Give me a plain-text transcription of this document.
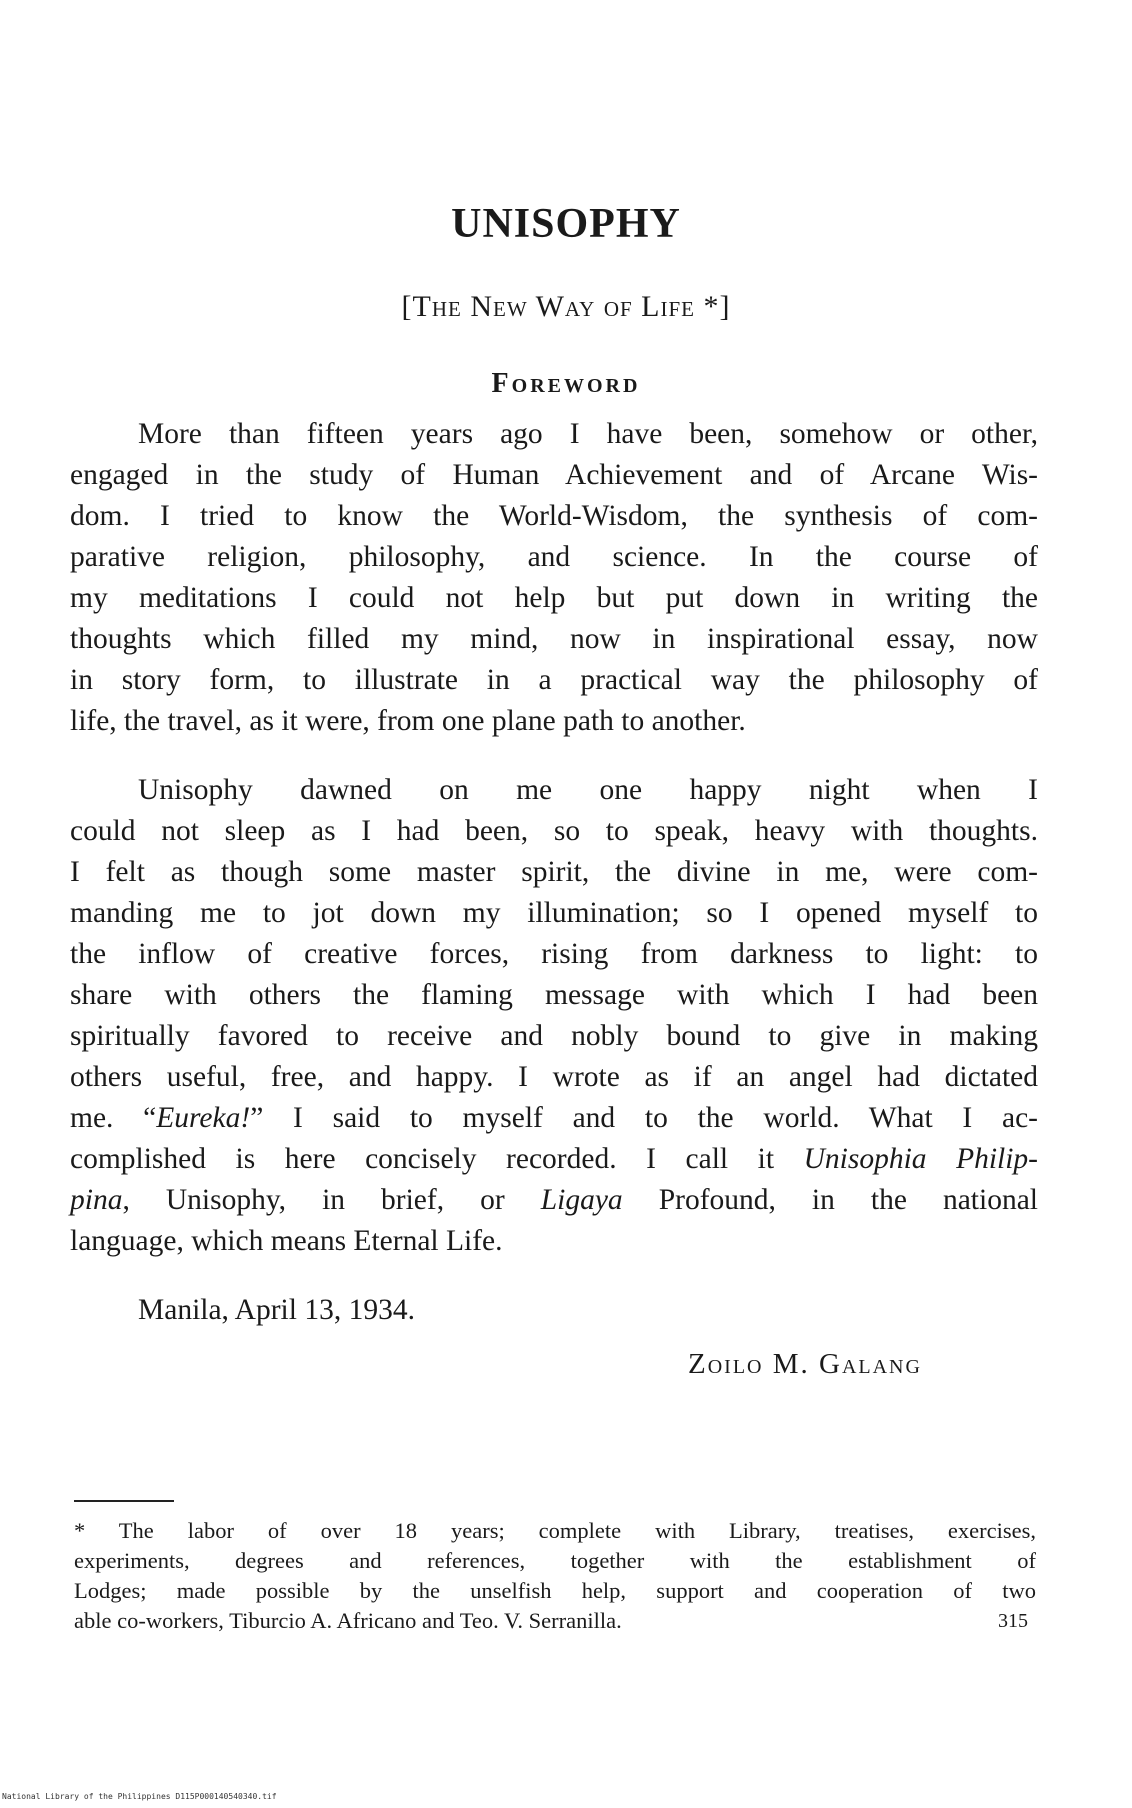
UNISOPHY

[The New Way of Life *]

Foreword
More than fifteen years ago I have been, somehow or other,
engaged in the study of Human Achievement and of Arcane Wis-
dom. I tried to know the World-Wisdom, the synthesis of com-
parative religion, philosophy, and science. In the course of
my meditations I could not help but put down in writing the
thoughts which filled my mind, now in inspirational essay, now
in story form, to illustrate in a practical way the philosophy of
life, the travel, as it were, from one plane path to another.
Unisophy dawned on me one happy night when I
could not sleep as I had been, so to speak, heavy with thoughts.
I felt as though some master spirit, the divine in me, were com-
manding me to jot down my illumination; so I opened myself to
the inflow of creative forces, rising from darkness to light: to
share with others the flaming message with which I had been
spiritually favored to receive and nobly bound to give in making
others useful, free, and happy. I wrote as if an angel had dictated
me. “Eureka!” I said to myself and to the world. What I ac-
complished is here concisely recorded. I call it Unisophia Philip-
pina, Unisophy, in brief, or Ligaya Profound, in the national
language, which means Eternal Life.

Manila, April 13, 1934.

Zoilo M. Galang

* The labor of over 18 years; complete with Library, treatises, exercises,
experiments, degrees and references, together with the establishment of
Lodges; made possible by the unselfish help, support and cooperation of two
able co-workers, Tiburcio A. Africano and Teo. V. Serranilla.	315

National Library of the Philippines D115P000140540340.tif
